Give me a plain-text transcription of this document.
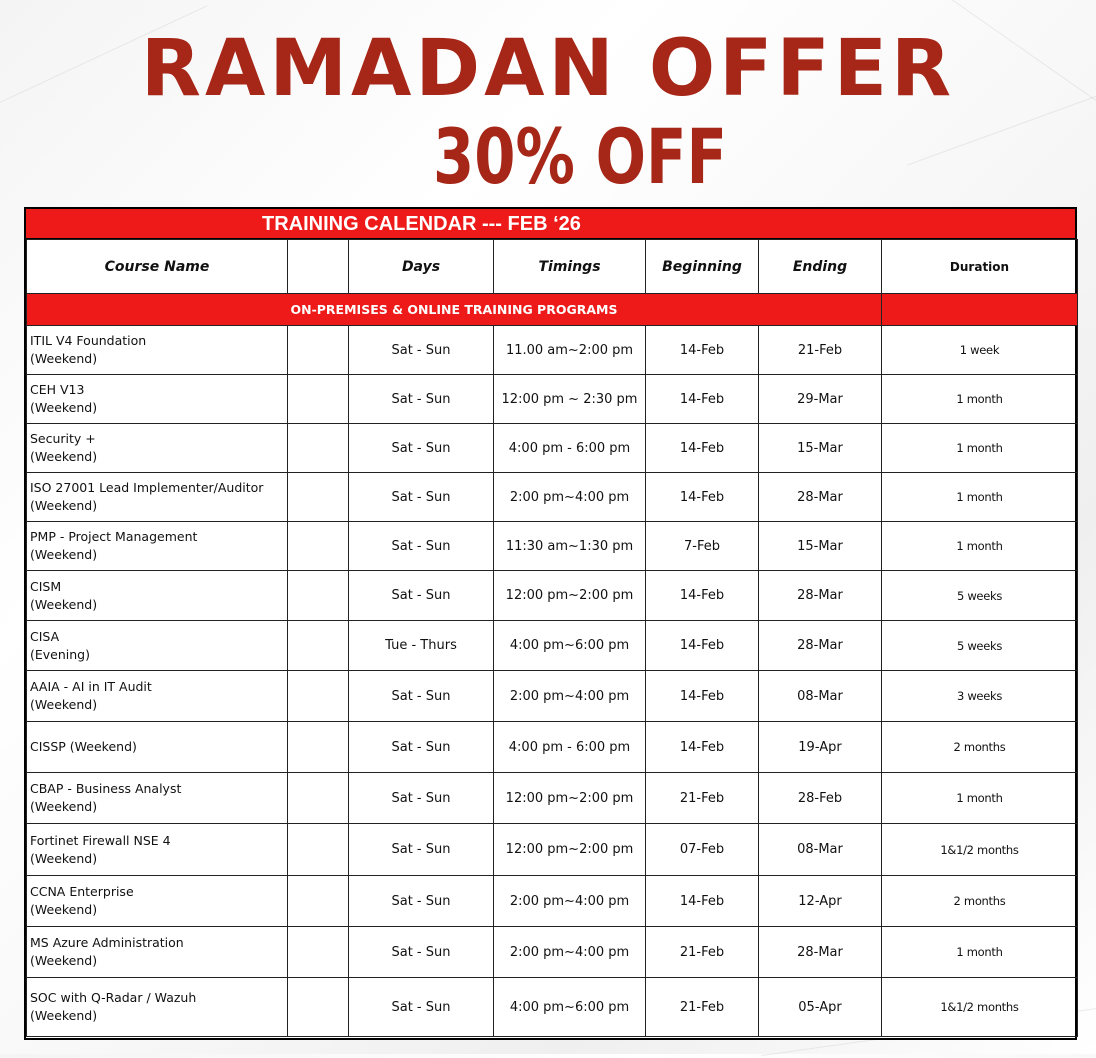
RAMADAN OFFER
30% OFF
TRAINING CALENDAR --- FEB ‘26
Course Name		Days	Timings	Beginning	Ending	Duration
ON-PREMISES & ONLINE TRAINING PROGRAMS						

ITIL V4 Foundation
(Weekend)		Sat - Sun	11.00 am~2:00 pm	14-Feb	21-Feb	1 week

CEH V13
(Weekend)		Sat - Sun	12:00 pm ~ 2:30 pm	14-Feb	29-Mar	1 month

Security +
(Weekend)		Sat - Sun	4:00 pm - 6:00 pm	14-Feb	15-Mar	1 month

ISO 27001 Lead Implementer/Auditor
(Weekend)		Sat - Sun	2:00 pm~4:00 pm	14-Feb	28-Mar	1 month

PMP - Project Management
(Weekend)		Sat - Sun	11:30 am~1:30 pm	7-Feb	15-Mar	1 month

CISM
(Weekend)		Sat - Sun	12:00 pm~2:00 pm	14-Feb	28-Mar	5 weeks

CISA
(Evening)		Tue - Thurs	4:00 pm~6:00 pm	14-Feb	28-Mar	5 weeks

AAIA - AI in IT Audit
(Weekend)		Sat - Sun	2:00 pm~4:00 pm	14-Feb	08-Mar	3 weeks

CISSP (Weekend)		Sat - Sun	4:00 pm - 6:00 pm	14-Feb	19-Apr	2 months

CBAP - Business Analyst
(Weekend)		Sat - Sun	12:00 pm~2:00 pm	21-Feb	28-Feb	1 month

Fortinet Firewall NSE 4
(Weekend)		Sat - Sun	12:00 pm~2:00 pm	07-Feb	08-Mar	1&1/2 months

CCNA Enterprise
(Weekend)		Sat - Sun	2:00 pm~4:00 pm	14-Feb	12-Apr	2 months

MS Azure Administration
(Weekend)		Sat - Sun	2:00 pm~4:00 pm	21-Feb	28-Mar	1 month

SOC with Q-Radar / Wazuh
(Weekend)		Sat - Sun	4:00 pm~6:00 pm	21-Feb	05-Apr	1&1/2 months
